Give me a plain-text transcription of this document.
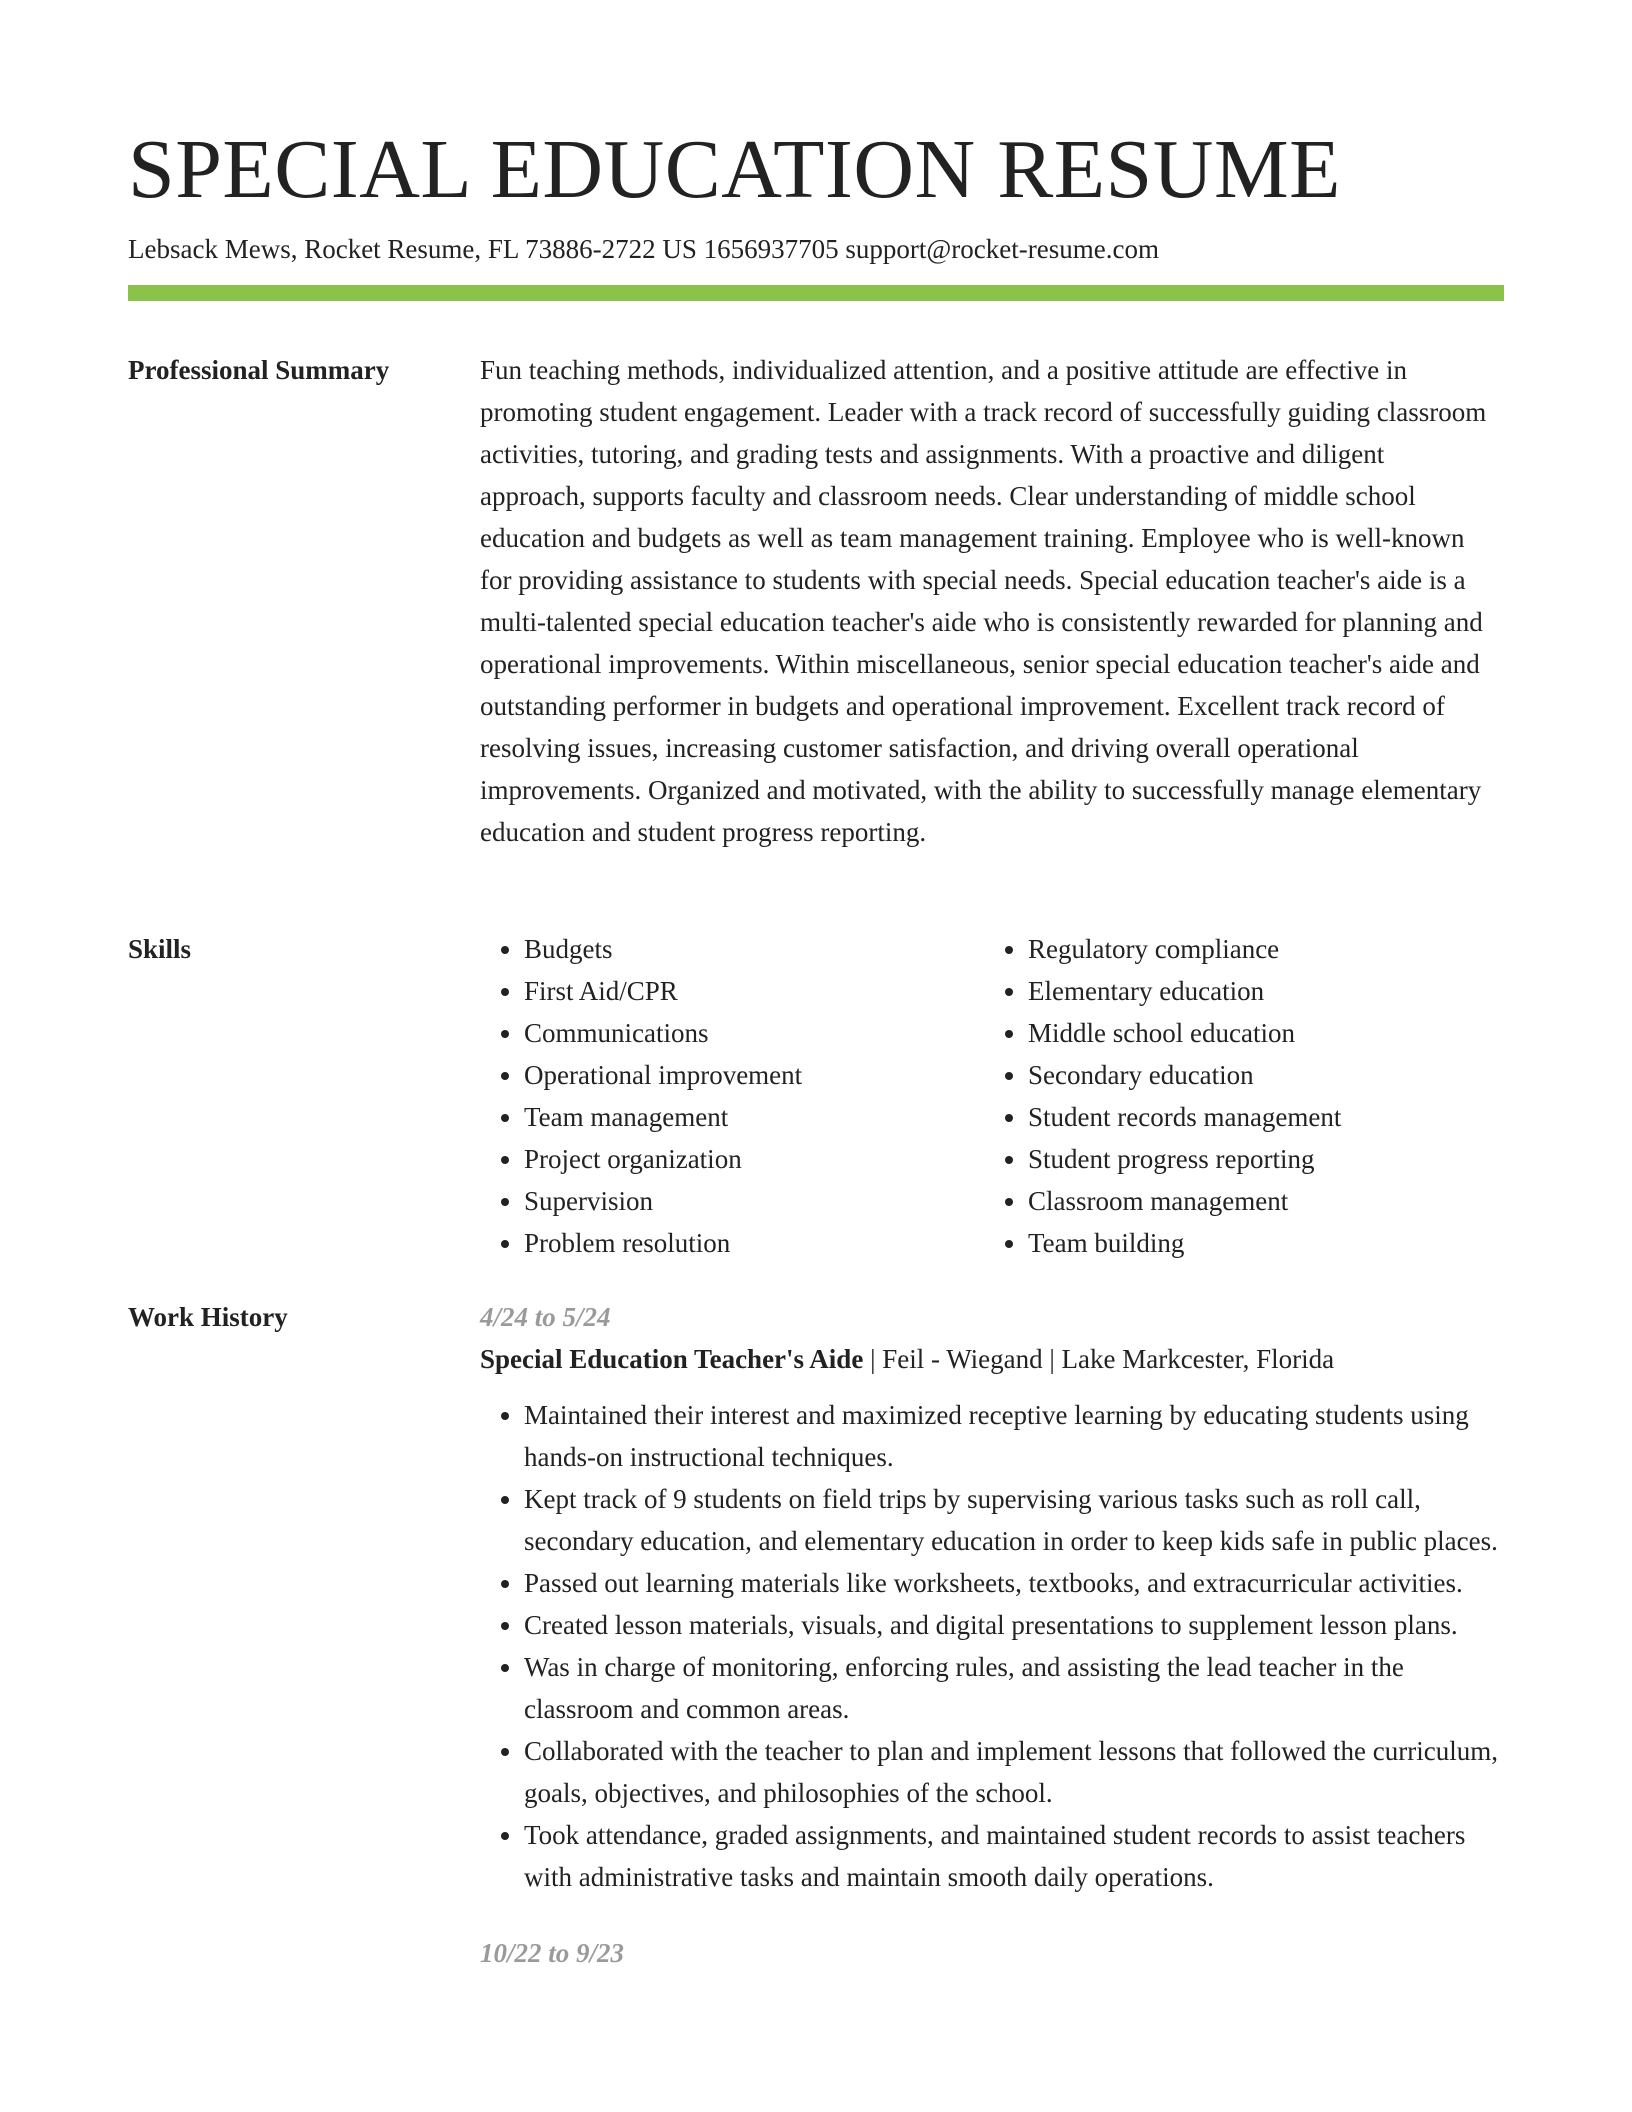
SPECIAL EDUCATION RESUME
Lebsack Mews, Rocket Resume, FL 73886-2722 US 1656937705 support@rocket-resume.com
Professional Summary	Fun teaching methods, individualized attention, and a positive attitude are effective in promoting student engagement. Leader with a track record of successfully guiding classroom activities, tutoring, and grading tests and assignments. With a proactive and diligent approach, supports faculty and classroom needs. Clear understanding of middle school education and budgets as well as team management training. Employee who is well-known for providing assistance to students with special needs. Special education teacher's aide is a multi-talented special education teacher's aide who is consistently rewarded for planning and operational improvements. Within miscellaneous, senior special education teacher's aide and outstanding performer in budgets and operational improvement. Excellent track record of resolving issues, increasing customer satisfaction, and driving overall operational improvements. Organized and motivated, with the ability to successfully manage elementary education and student progress reporting.

Skills
•	Budgets
• First Aid/CPR
• Communications
• Operational improvement
• Team management
• Project organization
• Supervision
• Problem resolution
• Regulatory compliance
• Elementary education
• Middle school education
• Secondary education
• Student records management
• Student progress reporting
• Classroom management
• Team building
Work History	4/24 to 5/24
Special Education Teacher's Aide | Feil - Wiegand | Lake Markcester, Florida
• Maintained their interest and maximized receptive learning by educating students using hands-on instructional techniques.
• Kept track of 9 students on field trips by supervising various tasks such as roll call, secondary education, and elementary education in order to keep kids safe in public places.
• Passed out learning materials like worksheets, textbooks, and extracurricular activities.
• Created lesson materials, visuals, and digital presentations to supplement lesson plans.
• Was in charge of monitoring, enforcing rules, and assisting the lead teacher in the classroom and common areas.
• Collaborated with the teacher to plan and implement lessons that followed the curriculum, goals, objectives, and philosophies of the school.
• Took attendance, graded assignments, and maintained student records to assist teachers with administrative tasks and maintain smooth daily operations.
10/22 to 9/23
